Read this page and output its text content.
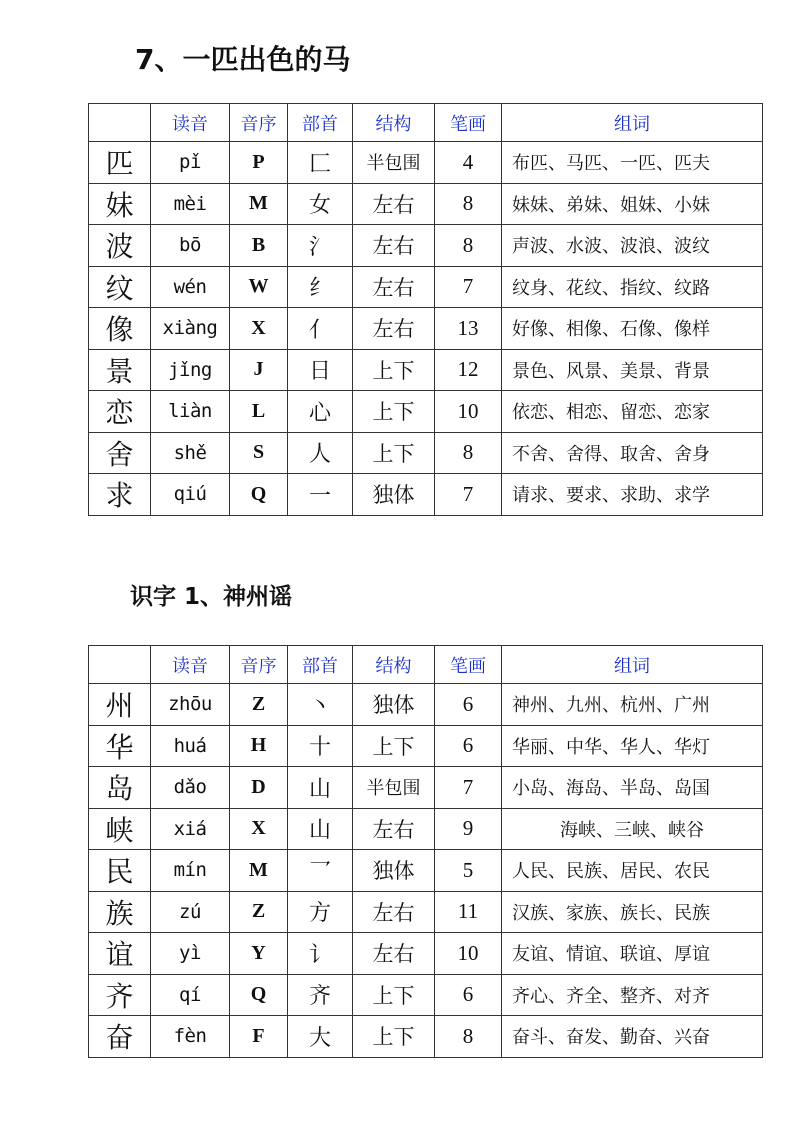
7、一匹出色的马
	读音	音序	部首	结构	笔画	组词
匹	pǐ	P	匚	半包围	4	布匹、马匹、一匹、匹夫
妹	mèi	M	女	左右	8	妹妹、弟妹、姐妹、小妹
波	bō	B	氵	左右	8	声波、水波、波浪、波纹
纹	wén	W	纟	左右	7	纹身、花纹、指纹、纹路
像	xiàng	X	亻	左右	13	好像、相像、石像、像样
景	jǐng	J	日	上下	12	景色、风景、美景、背景
恋	liàn	L	心	上下	10	依恋、相恋、留恋、恋家
舍	shě	S	人	上下	8	不舍、舍得、取舍、舍身
求	qiú	Q	一	独体	7	请求、要求、求助、求学
识字 1、神州谣
	读音	音序	部首	结构	笔画	组词
州	zhōu	Z	丶	独体	6	神州、九州、杭州、广州
华	huá	H	十	上下	6	华丽、中华、华人、华灯
岛	dǎo	D	山	半包围	7	小岛、海岛、半岛、岛国
峡	xiá	X	山	左右	9	海峡、三峡、峡谷
民	mín	M	乛	独体	5	人民、民族、居民、农民
族	zú	Z	方	左右	11	汉族、家族、族长、民族
谊	yì	Y	讠	左右	10	友谊、情谊、联谊、厚谊
齐	qí	Q	齐	上下	6	齐心、齐全、整齐、对齐
奋	fèn	F	大	上下	8	奋斗、奋发、勤奋、兴奋
